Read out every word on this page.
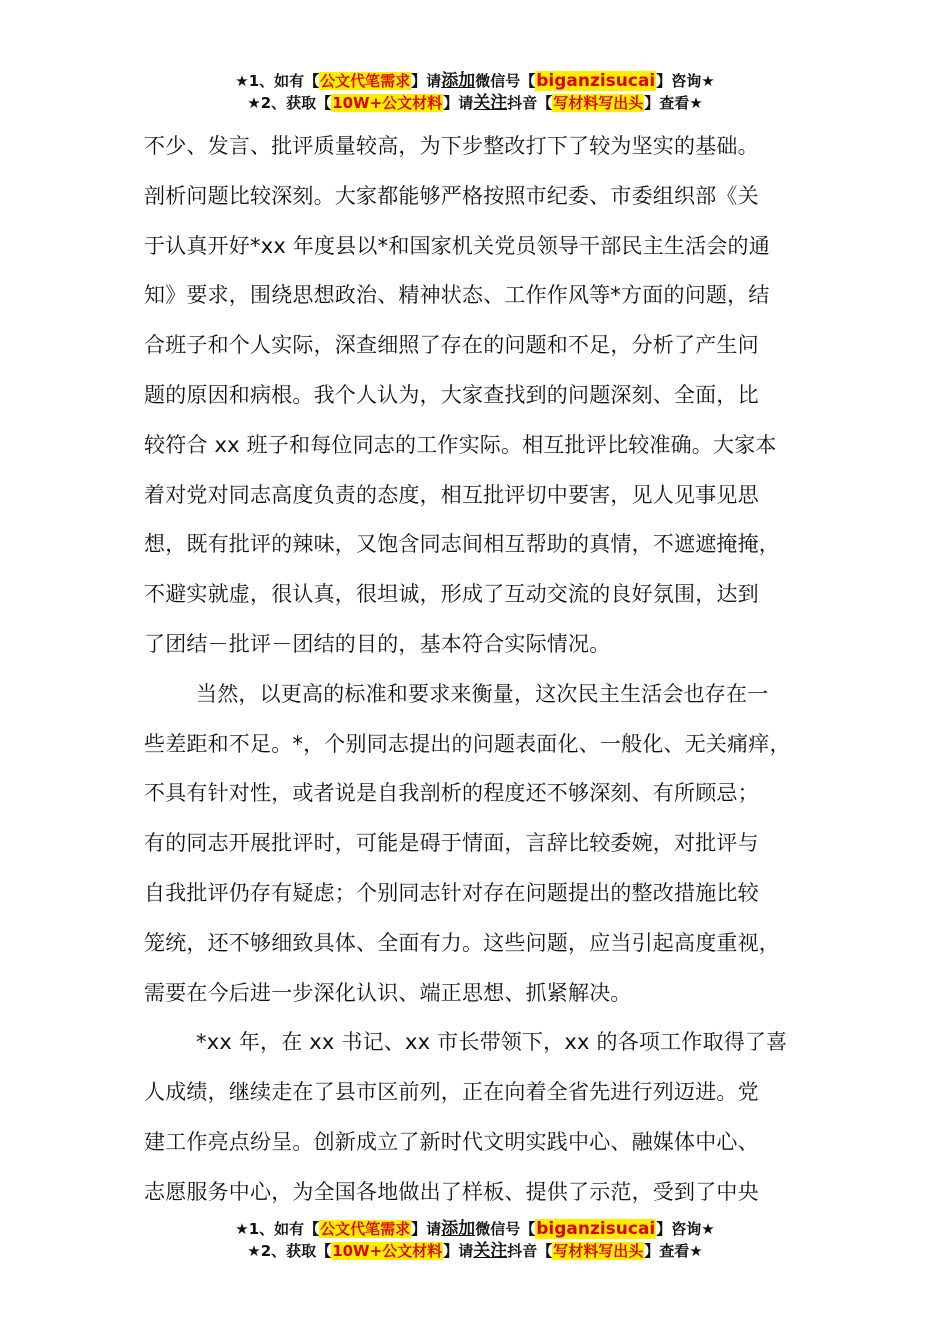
★1、如有【公文代笔需求】请添加微信号【biganzisucai】咨询★
★2、获取【10W+公文材料】请关注抖音【写材料写出头】查看★
不少、发言、批评质量较高，为下步整改打下了较为坚实的基础。
剖析问题比较深刻。大家都能够严格按照市纪委、市委组织部《关
于认真开好*xx 年度县以*和国家机关党员领导干部民主生活会的通
知》要求，围绕思想政治、精神状态、工作作风等*方面的问题，结
合班子和个人实际，深查细照了存在的问题和不足，分析了产生问
题的原因和病根。我个人认为，大家查找到的问题深刻、全面，比
较符合 xx 班子和每位同志的工作实际。相互批评比较准确。大家本
着对党对同志高度负责的态度，相互批评切中要害，见人见事见思
想，既有批评的辣味，又饱含同志间相互帮助的真情，不遮遮掩掩，
不避实就虚，很认真，很坦诚，形成了互动交流的良好氛围，达到
了团结－批评－团结的目的，基本符合实际情况。
当然，以更高的标准和要求来衡量，这次民主生活会也存在一
些差距和不足。*，个别同志提出的问题表面化、一般化、无关痛痒，
不具有针对性，或者说是自我剖析的程度还不够深刻、有所顾忌；
有的同志开展批评时，可能是碍于情面，言辞比较委婉，对批评与
自我批评仍存有疑虑；个别同志针对存在问题提出的整改措施比较
笼统，还不够细致具体、全面有力。这些问题，应当引起高度重视，
需要在今后进一步深化认识、端正思想、抓紧解决。
*xx 年，在 xx 书记、xx 市长带领下，xx 的各项工作取得了喜
人成绩，继续走在了县市区前列，正在向着全省先进行列迈进。党
建工作亮点纷呈。创新成立了新时代文明实践中心、融媒体中心、
志愿服务中心，为全国各地做出了样板、提供了示范，受到了中央
★1、如有【公文代笔需求】请添加微信号【biganzisucai】咨询★
★2、获取【10W+公文材料】请关注抖音【写材料写出头】查看★
